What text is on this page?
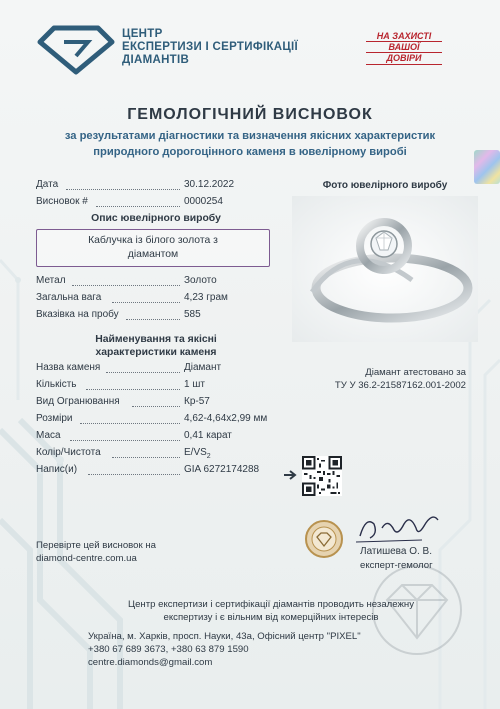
ЦЕНТР
ЕКСПЕРТИЗИ І СЕРТИФІКАЦІЇ
ДІАМАНТІВ
НА ЗАХИСТІ
ВАШОЇ
ДОВІРИ
ГЕМОЛОГІЧНИЙ ВИСНОВОК
за результатами діагностики та визначення якісних характеристик
природного дорогоцінного каменя в ювелірному виробі
Дата	30.12.2022
Висновок #	0000254
Опис ювелірного виробу
Каблучка із білого золота з
діамантом
Метал	Золото
Загальна вага	4,23 грам
Вказівка на пробу	585
Найменування та якісні
характеристики каменя
Назва каменя	Діамант
Кількість	1 шт
Вид Огранювання	Кр-57
Розміри	4,62-4,64x2,99 мм
Маса	0,41 карат
Колір/Чистота	$E/VS_2$
Напис(и)	GIA 6272174288
Фото ювелірного виробу
Діамант атестовано за
ТУ У 36.2-21587162.001-2002
Перевірте цей висновок на
diamond-centre.com.ua
Латишева О. В.
експерт-гемолог
Центр експертизи і сертифікації діамантів проводить незалежну
експертизу і є вільним від комерційних інтересів
Україна, м. Харків, просп. Науки, 43а, Офісний центр "PIXEL"
+380 67 689 3673, +380 63 879 1590
centre.diamonds@gmail.com
